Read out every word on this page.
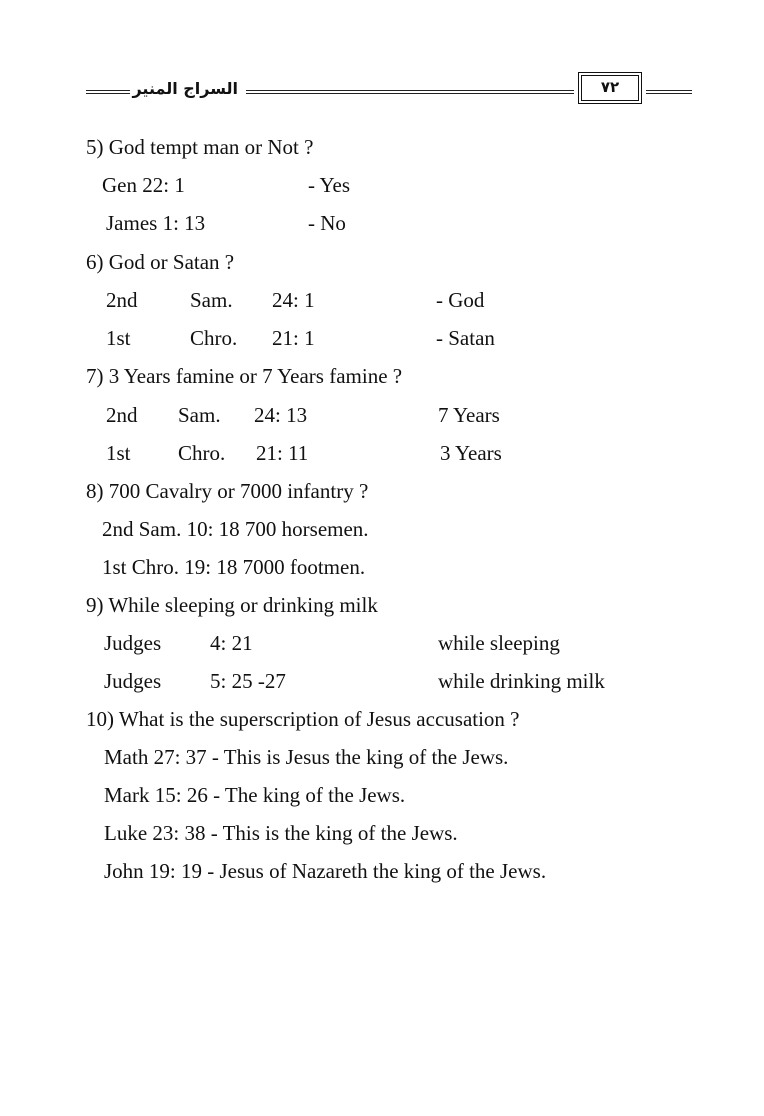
السراج المنير	٧٢
5) God tempt man or Not ?
Gen 22: 1	- Yes
James 1: 13	- No
6) God or Satan ?
2nd	Sam. 24: 1	- God
1st	Chro. 21: 1	- Satan
7) 3 Years famine or 7 Years famine ?
2nd Sam. 24: 13	7 Years
1st Chro. 21: 11	3 Years
8) 700 Cavalry or 7000 infantry ?
2nd Sam. 10: 18 700 horsemen.
1st Chro. 19: 18 7000 footmen.
9) While sleeping or drinking milk
Judges 4: 21	while sleeping
Judges 5: 25 -27	while drinking milk
10) What is the superscription of Jesus accusation ?
Math 27: 37 - This is Jesus the king of the Jews.
Mark 15: 26 - The king of the Jews.
Luke 23: 38 - This is the king of the Jews.
John 19: 19 - Jesus of Nazareth the king of the Jews.
